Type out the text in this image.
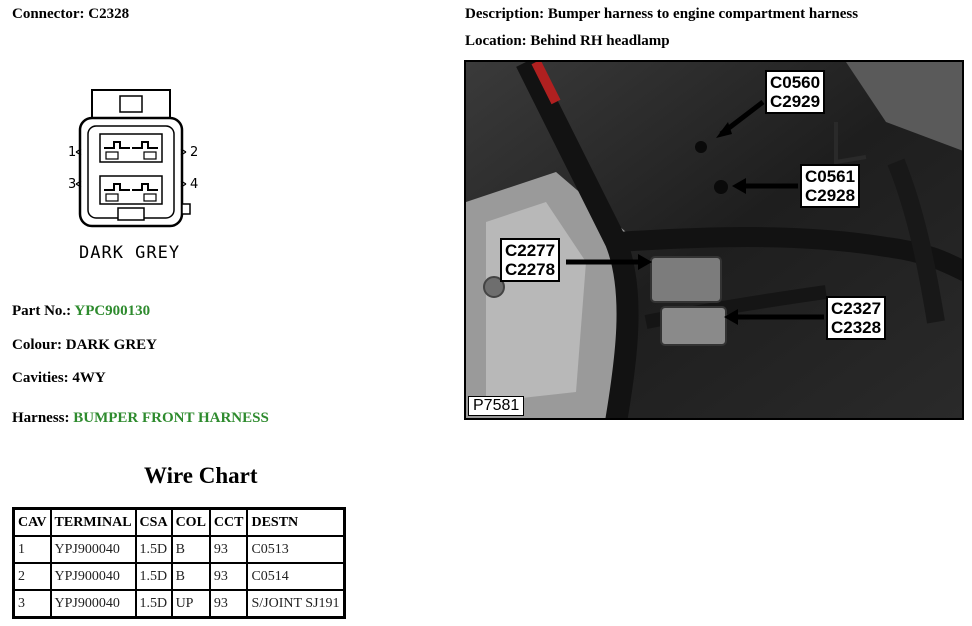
Connector: C2328	Description: Bumper harness to engine compartment harness
Location: Behind RH headlamp
1	2
3	4
DARK GREY
Part No.: YPC900130
Colour: DARK GREY
Cavities: 4WY
Harness: BUMPER FRONT HARNESS
Wire Chart
CAV	TERMINAL	CSA	COL	CCT	DESTN
1	YPJ900040	1.5D	B	93	C0513
2	YPJ900040	1.5D	B	93	C0514
3	YPJ900040	1.5D	UP	93	S/JOINT SJ191
C0560
C2929
C0561
C2928
C2277
C2278
C2327
C2328
P7581
